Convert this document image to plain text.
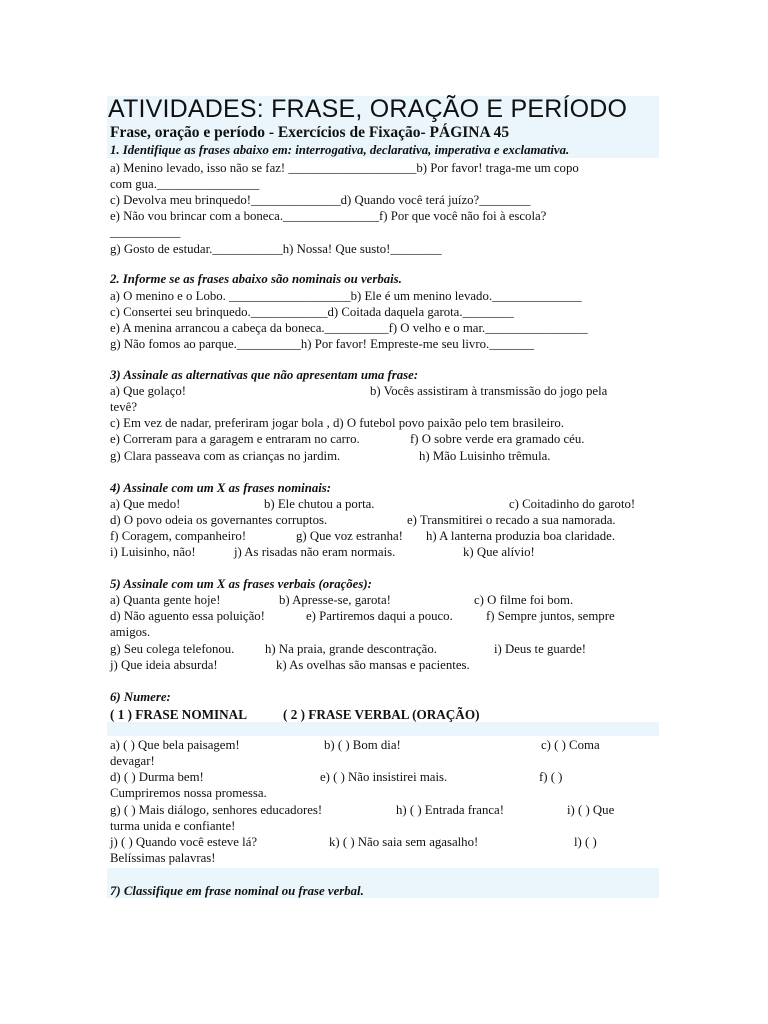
ATIVIDADES: FRASE, ORAÇÃO E PERÍODO
Frase, oração e período - Exercícios de Fixação- PÁGINA 45
1. Identifique as frases abaixo em: interrogativa, declarativa, imperativa e exclamativa.
a) Menino levado, isso não se faz! ____________________b) Por favor! traga-me um copo
com gua.________________
c) Devolva meu brinquedo!______________d) Quando você terá juízo?________
e) Não vou brincar com a boneca._______________f) Por que você não foi à escola?
___________
g) Gosto de estudar.___________h) Nossa! Que susto!________
2. Informe se as frases abaixo são nominais ou verbais.
a) O menino e o Lobo. ___________________b) Ele é um menino levado.______________
c) Consertei seu brinquedo.____________d) Coitada daquela garota.________
e) A menina arrancou a cabeça da boneca.__________f) O velho e o mar.________________
g) Não fomos ao parque.__________h) Por favor! Empreste-me seu livro._______
3) Assinale as alternativas que não apresentam uma frase:
a) Que golaço!	b) Vocês assistiram à transmissão do jogo pela
tevê?
c) Em vez de nadar, preferiram jogar bola , d) O futebol povo paixão pelo tem brasileiro.
e) Correram para a garagem e entraram no carro.	f) O sobre verde era gramado céu.
g) Clara passeava com as crianças no jardim.	h) Mão Luisinho trêmula.
4) Assinale com um X as frases nominais:
a) Que medo!	b) Ele chutou a porta.	c) Coitadinho do garoto!
d) O povo odeia os governantes corruptos.	e) Transmitirei o recado a sua namorada.
f) Coragem, companheiro!	g) Que voz estranha! h) A lanterna produzia boa claridade.
i) Luisinho, não!	j) As risadas não eram normais.	k) Que alívio!
5) Assinale com um X as frases verbais (orações):
a) Quanta gente hoje!	b) Apresse-se, garota!	c) O filme foi bom.
d) Não aguento essa poluição!	e) Partiremos daqui a pouco.	f) Sempre juntos, sempre
amigos.
g) Seu colega telefonou. h) Na praia, grande descontração.	i) Deus te guarde!
j) Que ideia absurda!	k) As ovelhas são mansas e pacientes.
6) Numere:
( 1 ) FRASE NOMINAL	( 2 ) FRASE VERBAL (ORAÇÃO)
a) ( ) Que bela paisagem!	b) ( ) Bom dia!	c) ( ) Coma
devagar!
d) ( ) Durma bem!	e) ( ) Não insistirei mais.	f) ( )
Cumpriremos nossa promessa.
g) ( ) Mais diálogo, senhores educadores!	h) ( ) Entrada franca!	i) ( ) Que
turma unida e confiante!
j) ( ) Quando você esteve lá?	k) ( ) Não saia sem agasalho!	l) ( )
Belíssimas palavras!
7) Classifique em frase nominal ou frase verbal.
